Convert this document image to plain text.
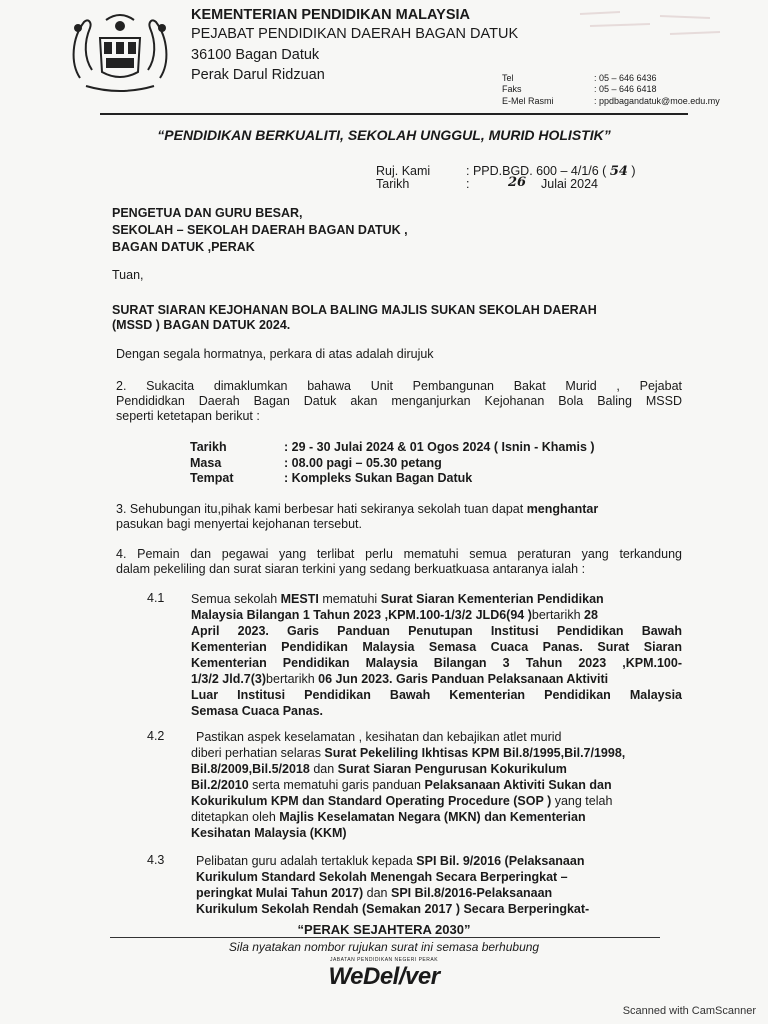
KEMENTERIAN PENDIDIKAN MALAYSIA
PEJABAT PENDIDIKAN DAERAH BAGAN DATUK
36100 Bagan Datuk
Perak Darul Ridzuan	Tel	: 05 – 646 6436
Faks	: 05 – 646 6418
E-Mel Rasmi	: ppdbagandatuk@moe.edu.my
“PENDIDIKAN BERKUALITI, SEKOLAH UNGGUL, MURID HOLISTIK”
Ruj. Kami	: PPD.BGD. 600 – 4/1/6 ( 54 )
Tarikh	:	26 Julai 2024
PENGETUA DAN GURU BESAR,
SEKOLAH – SEKOLAH DAERAH BAGAN DATUK ,
BAGAN DATUK ,PERAK
Tuan,
SURAT SIARAN KEJOHANAN BOLA BALING MAJLIS SUKAN SEKOLAH DAERAH
(MSSD ) BAGAN DATUK 2024.
Dengan segala hormatnya, perkara di atas adalah dirujuk
2. Sukacita dimaklumkan bahawa Unit Pembangunan Bakat Murid , Pejabat
Pendididkan Daerah Bagan Datuk akan menganjurkan Kejohanan Bola Baling MSSD
seperti ketetapan berikut :
Tarikh	: 29 - 30 Julai 2024 & 01 Ogos 2024 ( Isnin - Khamis )
Masa	: 08.00 pagi – 05.30 petang
Tempat	: Kompleks Sukan Bagan Datuk
3. Sehubungan itu,pihak kami berbesar hati sekiranya sekolah tuan dapat menghantar
pasukan bagi menyertai kejohanan tersebut.
4. Pemain dan pegawai yang terlibat perlu mematuhi semua peraturan yang terkandung
dalam pekeliling dan surat siaran terkini yang sedang berkuatkuasa antaranya ialah :
4.1 Semua sekolah MESTI mematuhi Surat Siaran Kementerian Pendidikan
Malaysia Bilangan 1 Tahun 2023 ,KPM.100-1/3/2 JLD6(94 )bertarikh 28
April 2023. Garis Panduan Penutupan Institusi Pendidikan Bawah
Kementerian Pendidikan Malaysia Semasa Cuaca Panas. Surat Siaran
Kementerian Pendidikan Malaysia Bilangan 3 Tahun 2023 ,KPM.100-
1/3/2 Jld.7(3)bertarikh 06 Jun 2023. Garis Panduan Pelaksanaan Aktiviti
Luar Institusi Pendidikan Bawah Kementerian Pendidikan Malaysia
Semasa Cuaca Panas.
4.2	Pastikan aspek keselamatan , kesihatan dan kebajikan atlet murid
diberi perhatian selaras Surat Pekeliling Ikhtisas KPM Bil.8/1995,Bil.7/1998,
Bil.8/2009,Bil.5/2018 dan Surat Siaran Pengurusan Kokurikulum
Bil.2/2010 serta mematuhi garis panduan Pelaksanaan Aktiviti Sukan dan
Kokurikulum KPM dan Standard Operating Procedure (SOP ) yang telah
ditetapkan oleh Majlis Keselamatan Negara (MKN) dan Kementerian
Kesihatan Malaysia (KKM)
4.3	Pelibatan guru adalah tertakluk kepada SPI Bil. 9/2016 (Pelaksanaan
Kurikulum Standard Sekolah Menengah Secara Berperingkat –
peringkat Mulai Tahun 2017) dan SPI Bil.8/2016-Pelaksanaan
Kurikulum Sekolah Rendah (Semakan 2017 ) Secara Berperingkat-
“PERAK SEJAHTERA 2030”
Sila nyatakan nombor rujukan surat ini semasa berhubung
JABATAN PENDIDIKAN NEGERI PERAK
WeDel/ver
Scanned with CamScanner
